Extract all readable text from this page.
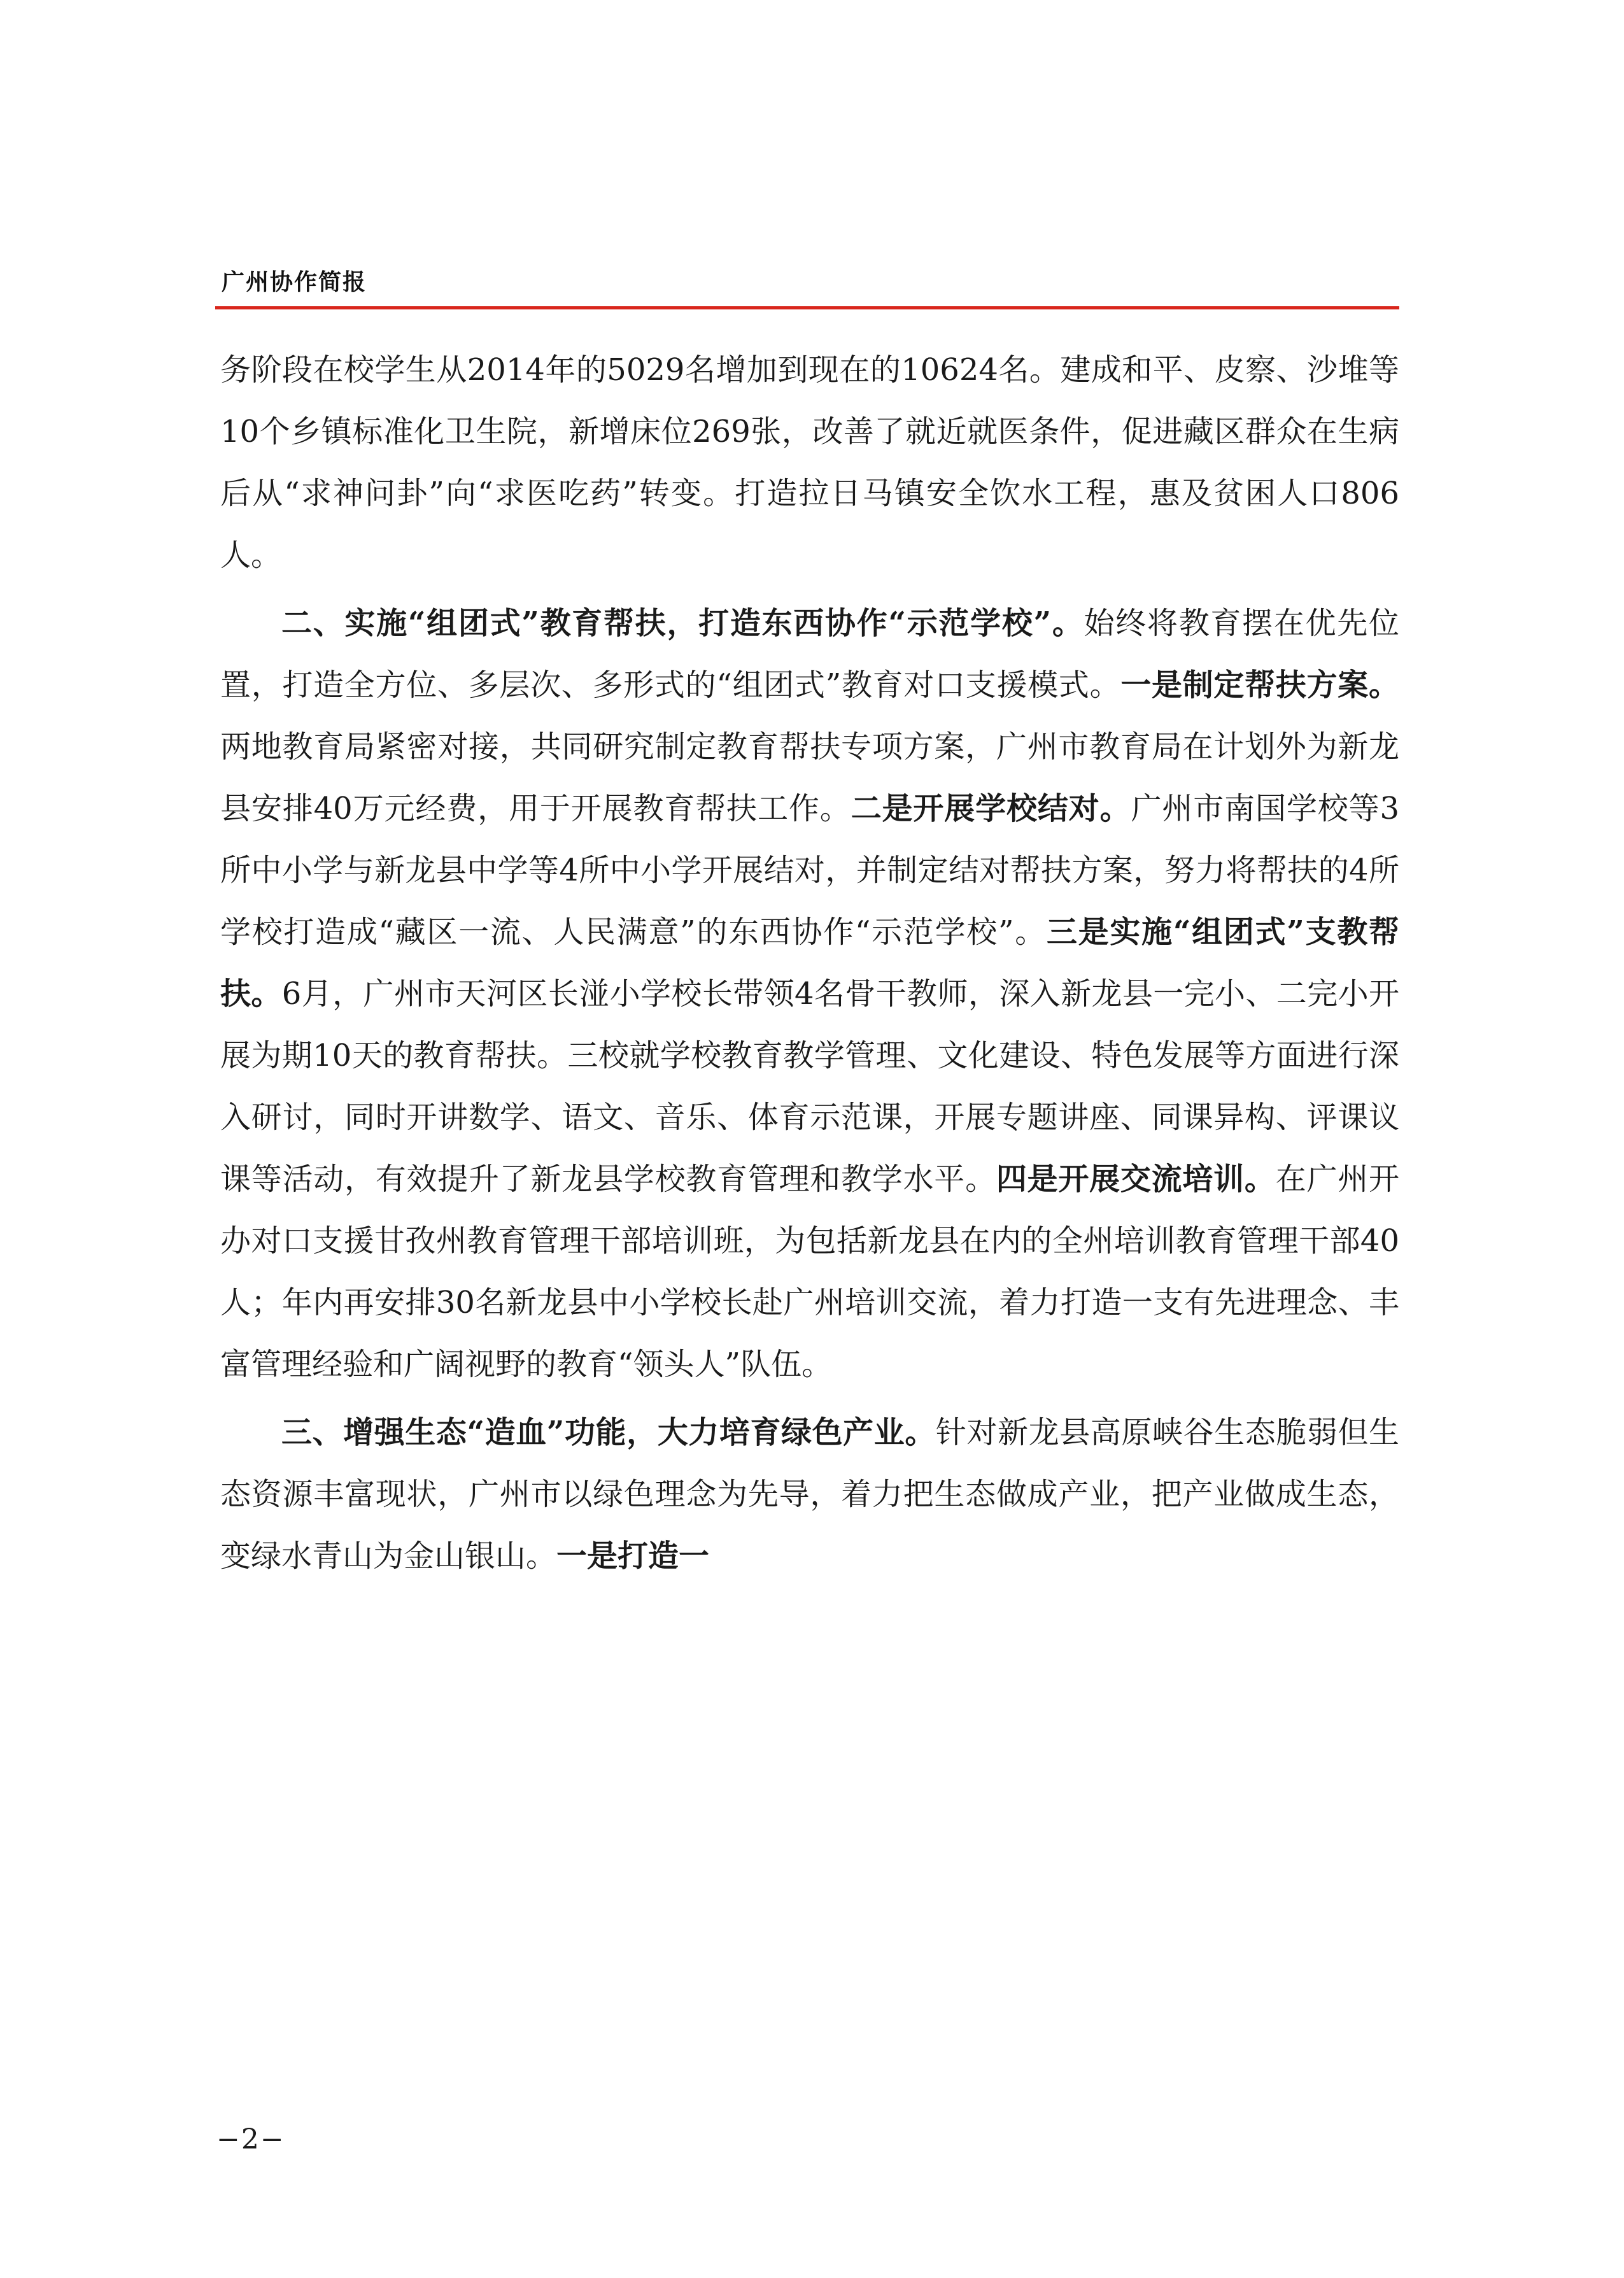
广州协作简报

务阶段在校学生从2014年的5029名增加到现在的10624名。建成和平、皮察、沙堆等10个乡镇标准化卫生院，新增床位269张，改善了就近就医条件，促进藏区群众在生病后从“求神问卦”向“求医吃药”转变。打造拉日马镇安全饮水工程，惠及贫困人口806人。

二、实施“组团式”教育帮扶，打造东西协作“示范学校”。始终将教育摆在优先位置，打造全方位、多层次、多形式的“组团式”教育对口支援模式。一是制定帮扶方案。两地教育局紧密对接，共同研究制定教育帮扶专项方案，广州市教育局在计划外为新龙县安排40万元经费，用于开展教育帮扶工作。二是开展学校结对。广州市南国学校等3所中小学与新龙县中学等4所中小学开展结对，并制定结对帮扶方案，努力将帮扶的4所学校打造成“藏区一流、人民满意”的东西协作“示范学校”。三是实施“组团式”支教帮扶。6月，广州市天河区长湴小学校长带领4名骨干教师，深入新龙县一完小、二完小开展为期10天的教育帮扶。三校就学校教育教学管理、文化建设、特色发展等方面进行深入研讨，同时开讲数学、语文、音乐、体育示范课，开展专题讲座、同课异构、评课议课等活动，有效提升了新龙县学校教育管理和教学水平。四是开展交流培训。在广州开办对口支援甘孜州教育管理干部培训班，为包括新龙县在内的全州培训教育管理干部40人；年内再安排30名新龙县中小学校长赴广州培训交流，着力打造一支有先进理念、丰富管理经验和广阔视野的教育“领头人”队伍。

三、增强生态“造血”功能，大力培育绿色产业。针对新龙县高原峡谷生态脆弱但生态资源丰富现状，广州市以绿色理念为先导，着力把生态做成产业，把产业做成生态，变绿水青山为金山银山。一是打造一

−2−
